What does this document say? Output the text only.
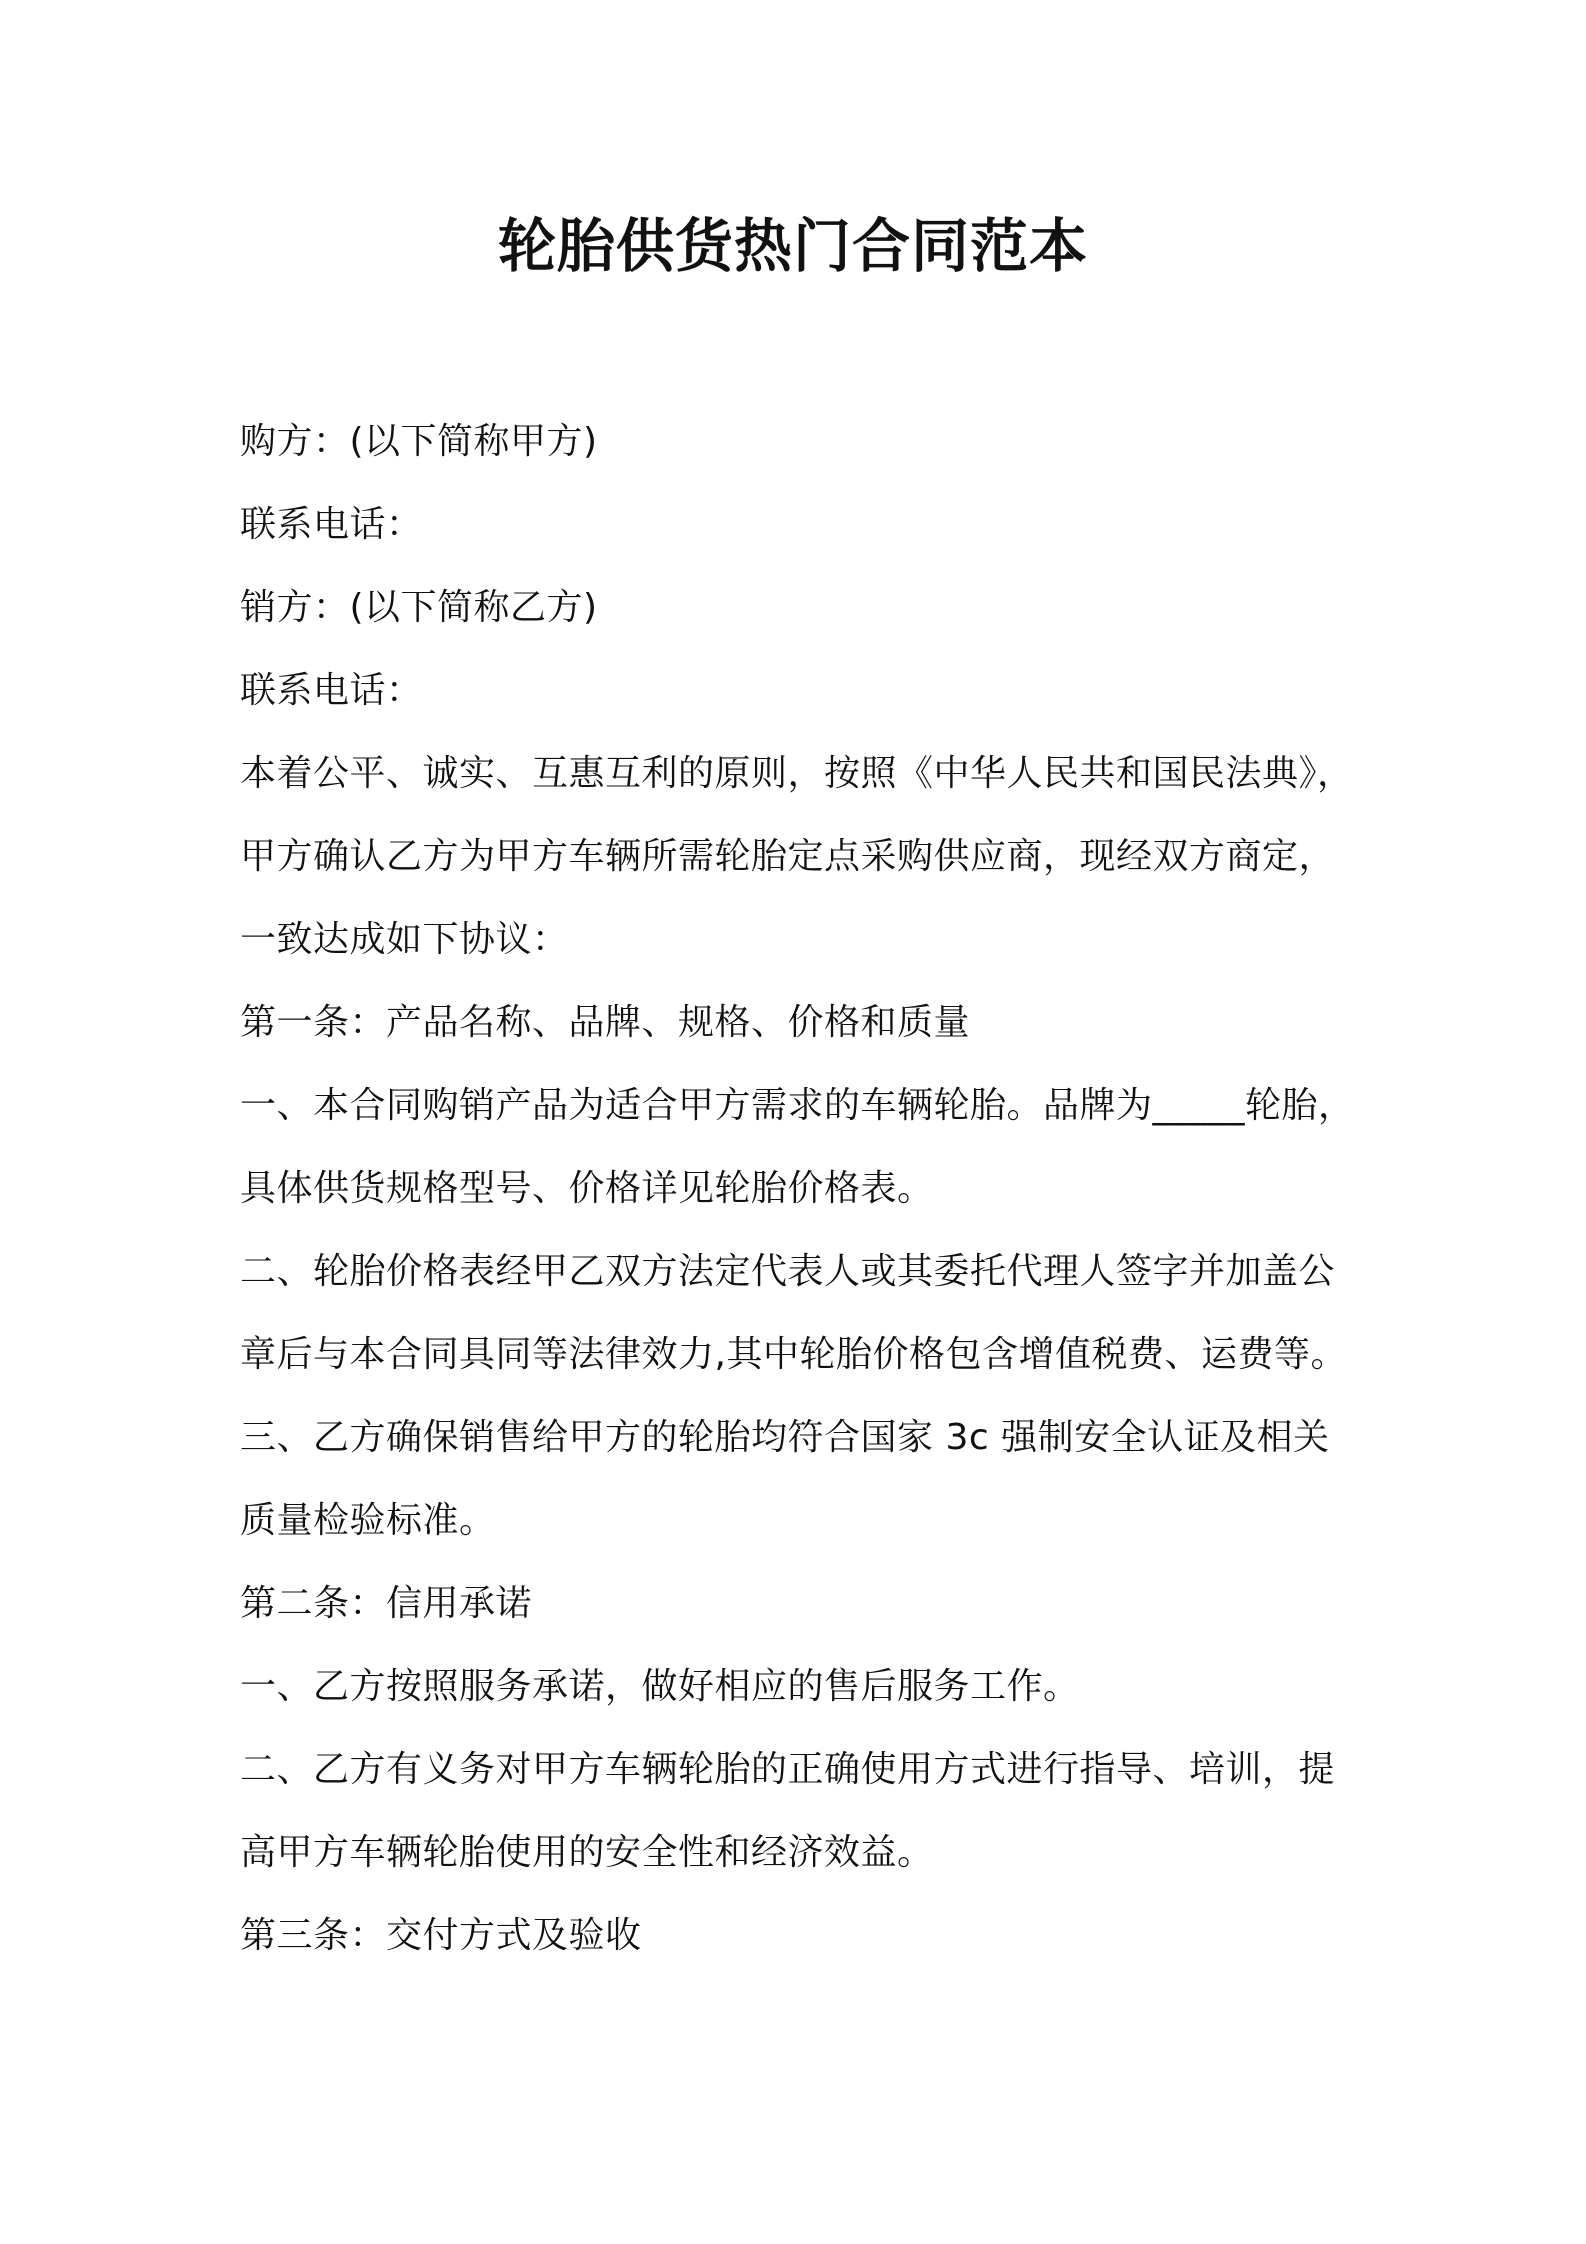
轮胎供货热门合同范本

购方：(以下简称甲方)

联系电话：

销方：(以下简称乙方)

联系电话：

本着公平、诚实、互惠互利的原则，按照《中华人民共和国民法典》，

甲方确认乙方为甲方车辆所需轮胎定点采购供应商，现经双方商定，

一致达成如下协议：

第一条：产品名称、品牌、规格、价格和质量

一、本合同购销产品为适合甲方需求的车辆轮胎。品牌为_____轮胎，

具体供货规格型号、价格详见轮胎价格表。

二、轮胎价格表经甲乙双方法定代表人或其委托代理人签字并加盖公

章后与本合同具同等法律效力,其中轮胎价格包含增值税费、运费等。

三、乙方确保销售给甲方的轮胎均符合国家 3c 强制安全认证及相关

质量检验标准。

第二条：信用承诺

一、乙方按照服务承诺，做好相应的售后服务工作。

二、乙方有义务对甲方车辆轮胎的正确使用方式进行指导、培训，提

高甲方车辆轮胎使用的安全性和经济效益。

第三条：交付方式及验收
